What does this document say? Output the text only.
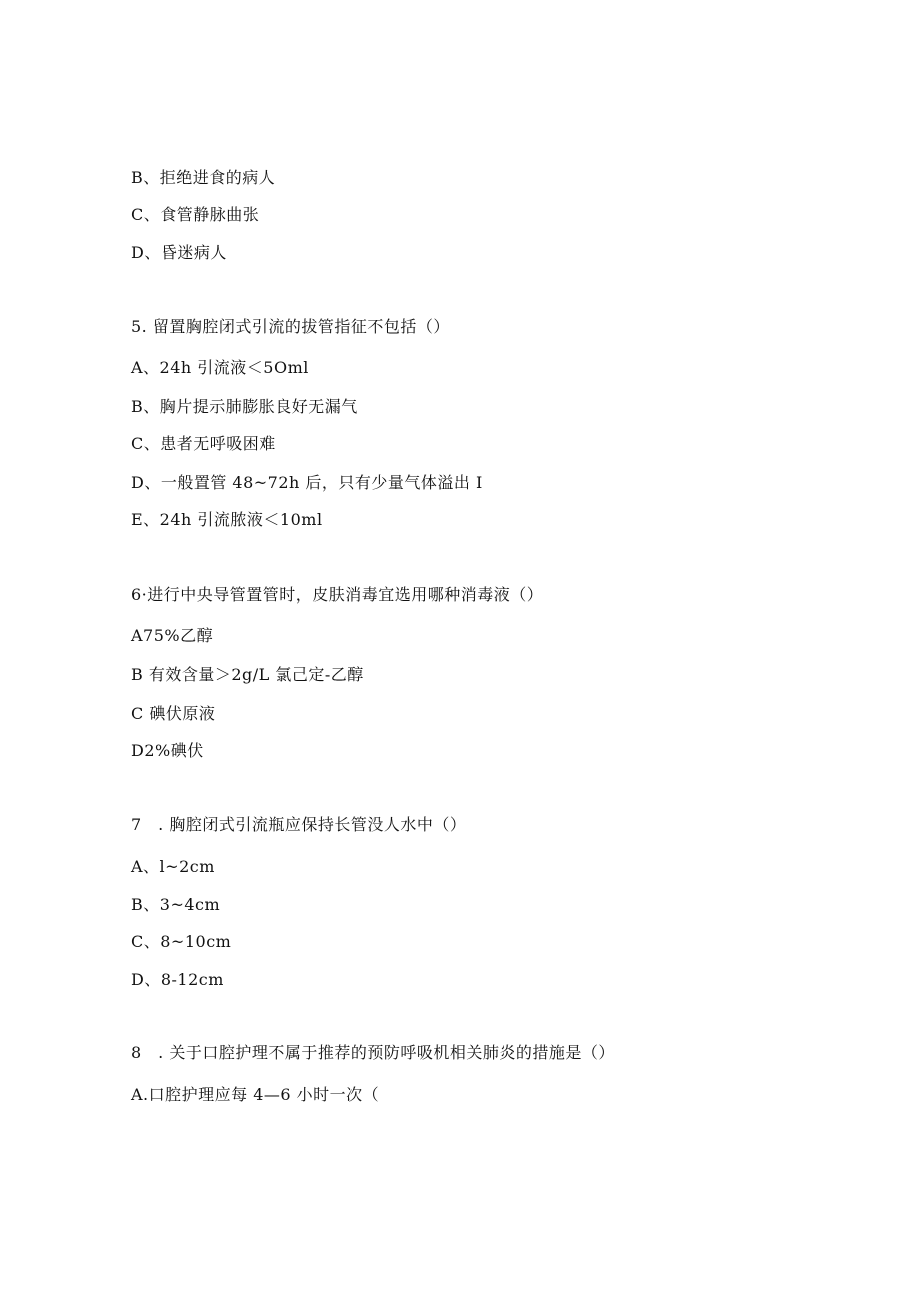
B、拒绝进食的病人
C、食管静脉曲张
D、昏迷病人
5. 留置胸腔闭式引流的拔管指征不包括（）
A、24h 引流液＜5Oml
B、胸片提示肺膨胀良好无漏气
C、患者无呼吸困难
D、一般置管 48~72h 后，只有少量气体溢出 I
E、24h 引流脓液＜10ml
6·进行中央导管置管时，皮肤消毒宜选用哪种消毒液（）
A75%乙醇
B 有效含量＞2g/L 氯己定-乙醇
C 碘伏原液
D2%碘伏
7　. 胸腔闭式引流瓶应保持长管没人水中（）
A、l~2cm
B、3~4cm
C、8~10cm
D、8-12cm
8　. 关于口腔护理不属于推荐的预防呼吸机相关肺炎的措施是（）
A.口腔护理应每 4—6 小时一次（
